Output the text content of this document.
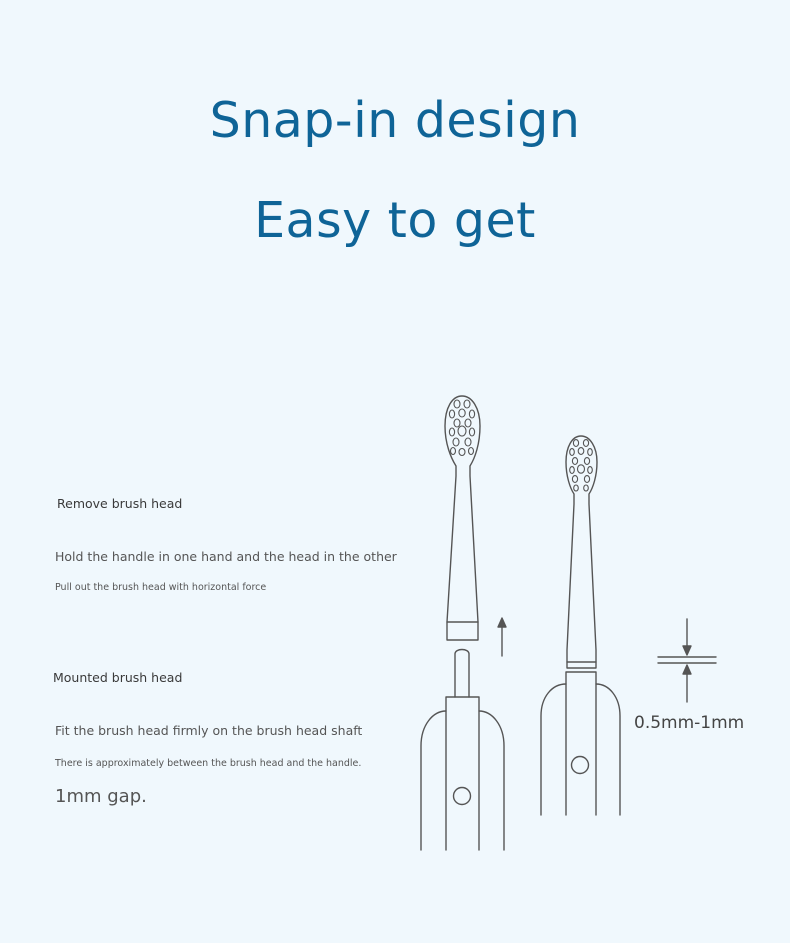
Snap-in design
Easy to get

Remove brush head

Hold the handle in one hand and the head in the other

Pull out the brush head with horizontal force

Mounted brush head

Fit the brush head firmly on the brush head shaft

There is approximately between the brush head and the handle.

1mm gap.

0.5mm-1mm
